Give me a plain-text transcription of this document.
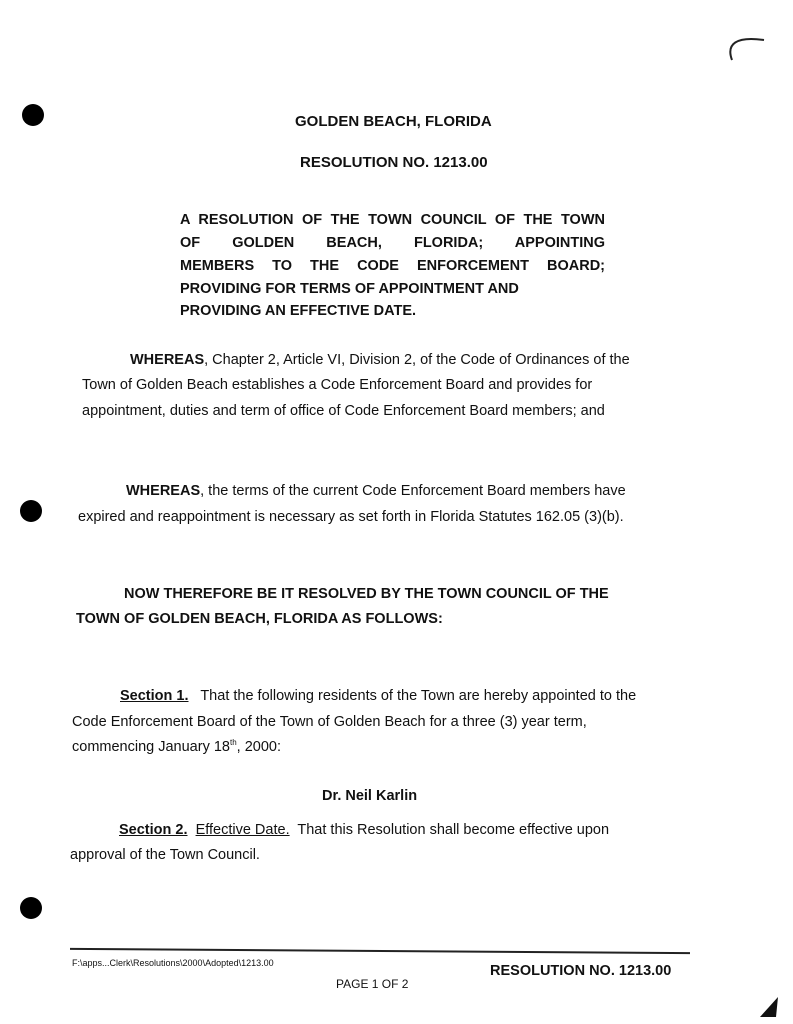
GOLDEN BEACH, FLORIDA
RESOLUTION NO. 1213.00
A RESOLUTION OF THE TOWN COUNCIL OF THE TOWN
OF GOLDEN BEACH, FLORIDA; APPOINTING
MEMBERS TO THE CODE ENFORCEMENT BOARD;
PROVIDING FOR TERMS OF APPOINTMENT AND
PROVIDING AN EFFECTIVE DATE.
WHEREAS, Chapter 2, Article VI, Division 2, of the Code of Ordinances of the
Town of Golden Beach establishes a Code Enforcement Board and provides for
appointment, duties and term of office of Code Enforcement Board members; and
WHEREAS, the terms of the current Code Enforcement Board members have
expired and reappointment is necessary as set forth in Florida Statutes 162.05 (3)(b).
NOW THEREFORE BE IT RESOLVED BY THE TOWN COUNCIL OF THE
TOWN OF GOLDEN BEACH, FLORIDA AS FOLLOWS:
Section 1. That the following residents of the Town are hereby appointed to the
Code Enforcement Board of the Town of Golden Beach for a three (3) year term,
commencing January 18th, 2000:
Dr. Neil Karlin
Section 2. Effective Date. That this Resolution shall become effective upon
approval of the Town Council.
F:\apps...Clerk\Resolutions\2000\Adopted\1213.00	RESOLUTION NO. 1213.00
PAGE 1 OF 2
